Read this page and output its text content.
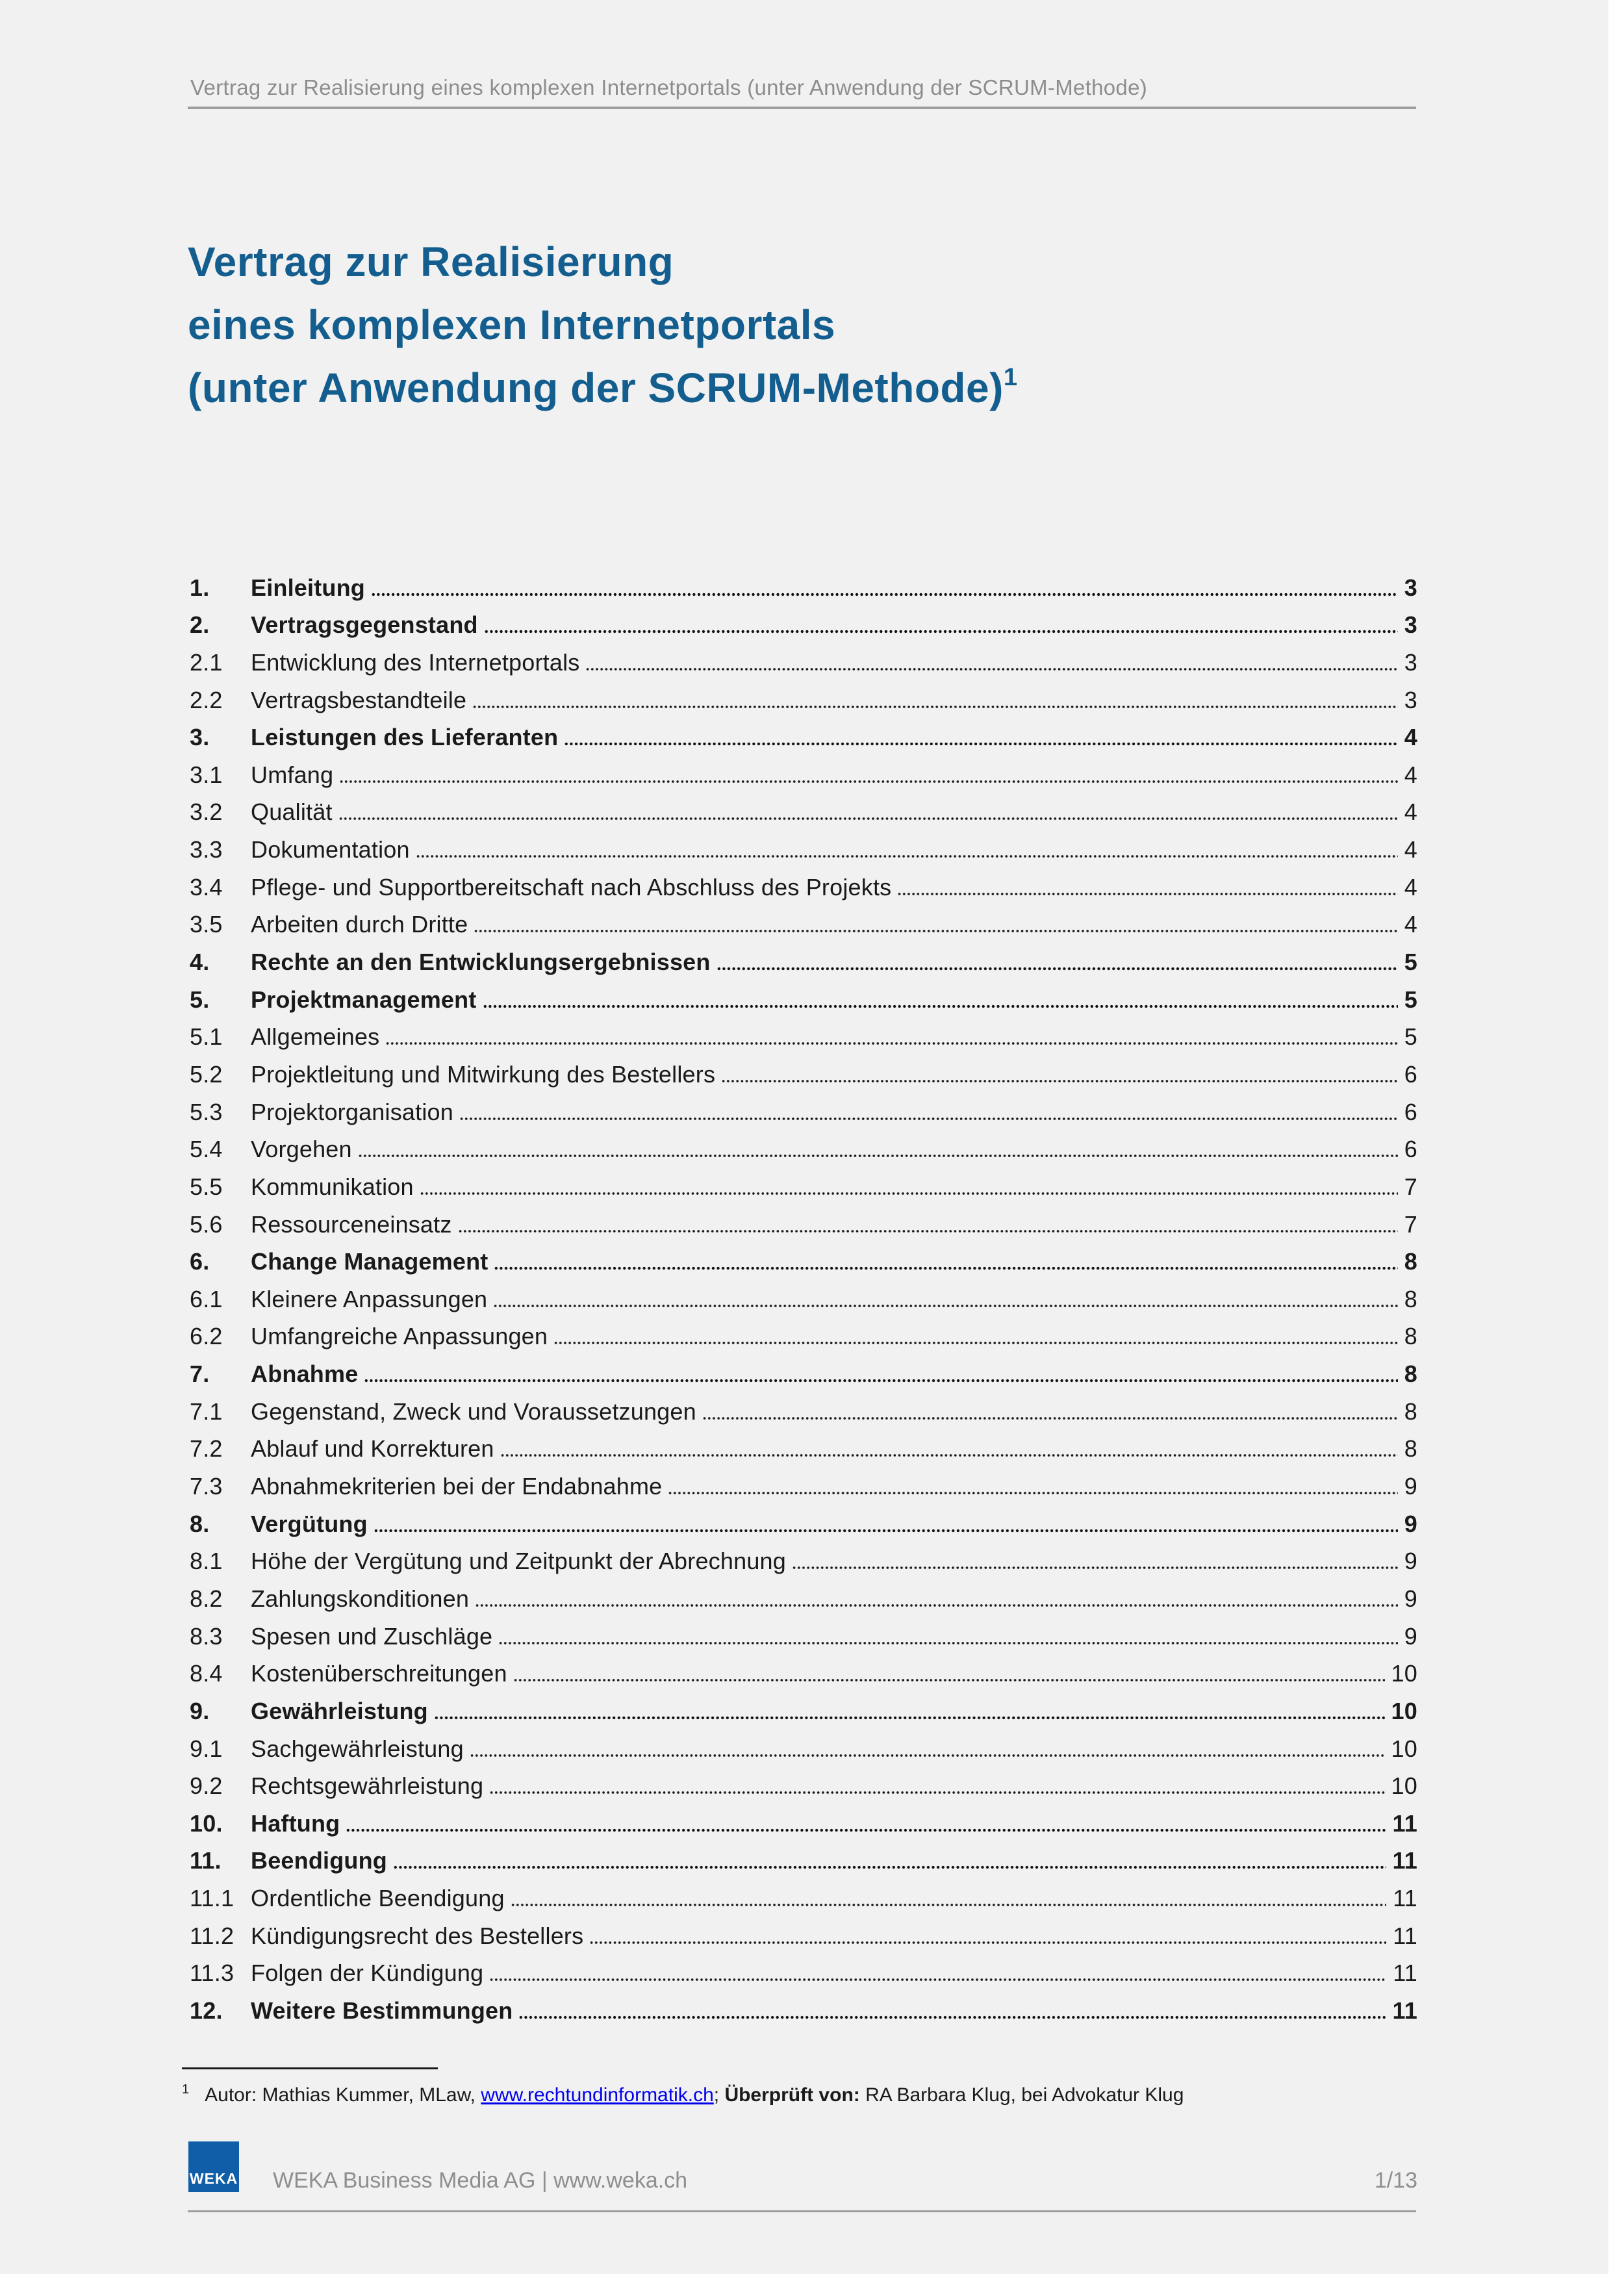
Vertrag zur Realisierung eines komplexen Internetportals (unter Anwendung der SCRUM-Methode)
Vertrag zur Realisierung
eines komplexen Internetportals
(unter Anwendung der SCRUM-Methode)$^1$
1.	Einleitung	3
2.	Vertragsgegenstand	3
2.1	Entwicklung des Internetportals	3
2.2	Vertragsbestandteile	3
3.	Leistungen des Lieferanten	4
3.1	Umfang	4
3.2	Qualität	4
3.3	Dokumentation	4
3.4	Pflege- und Supportbereitschaft nach Abschluss des Projekts	4
3.5	Arbeiten durch Dritte	4
4.	Rechte an den Entwicklungsergebnissen	5
5.	Projektmanagement	5
5.1	Allgemeines	5
5.2	Projektleitung und Mitwirkung des Bestellers	6
5.3	Projektorganisation	6
5.4	Vorgehen	6
5.5	Kommunikation	7
5.6	Ressourceneinsatz	7
6.	Change Management	8
6.1	Kleinere Anpassungen	8
6.2	Umfangreiche Anpassungen	8
7.	Abnahme	8
7.1	Gegenstand, Zweck und Voraussetzungen	8
7.2	Ablauf und Korrekturen	8
7.3	Abnahmekriterien bei der Endabnahme	9
8.	Vergütung	9
8.1	Höhe der Vergütung und Zeitpunkt der Abrechnung	9
8.2	Zahlungskonditionen	9
8.3	Spesen und Zuschläge	9
8.4	Kostenüberschreitungen	10
9.	Gewährleistung	10
9.1	Sachgewährleistung	10
9.2	Rechtsgewährleistung	10
10.	Haftung	11
11.	Beendigung	11
11.1 Ordentliche Beendigung	11
11.2 Kündigungsrecht des Bestellers	11
11.3 Folgen der Kündigung	11
12.	Weitere Bestimmungen	11
$^1$ Autor: Mathias Kummer, MLaw, www.rechtundinformatik.ch; Überprüft von: RA Barbara Klug, bei Advokatur Klug
WEKA WEKA Business Media AG | www.weka.ch	1/13
